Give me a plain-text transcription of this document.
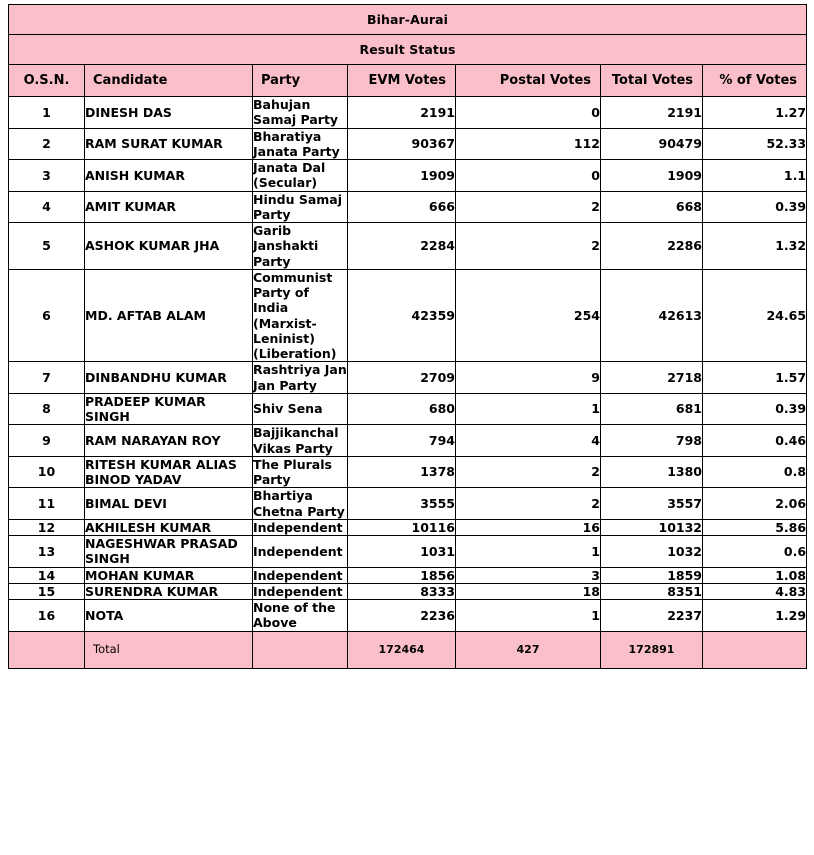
Bihar-Aurai						
Result Status						
O.S.N.	Candidate	Party	EVM Votes	Postal Votes	Total Votes	% of Votes
1	DINESH DAS	Bahujan Samaj Party	2191	0	2191	1.27
2	RAM SURAT KUMAR	Bharatiya Janata Party	90367	112	90479	52.33
3	ANISH KUMAR	Janata Dal (Secular)	1909	0	1909	1.1
4	AMIT KUMAR	Hindu Samaj Party	666	2	668	0.39
5	ASHOK KUMAR JHA	Garib Janshakti Party	2284	2	2286	1.32
6	MD. AFTAB ALAM	Communist Party of India (Marxist-Leninist) (Liberation)	42359	254	42613	24.65
7	DINBANDHU KUMAR	Rashtriya Jan Jan Party	2709	9	2718	1.57
8	PRADEEP KUMAR SINGH	Shiv Sena	680	1	681	0.39
9	RAM NARAYAN ROY	Bajjikanchal Vikas Party	794	4	798	0.46
10	RITESH KUMAR ALIAS BINOD YADAV	The Plurals Party	1378	2	1380	0.8
11	BIMAL DEVI	Bhartiya Chetna Party	3555	2	3557	2.06
12	AKHILESH KUMAR	Independent	10116	16	10132	5.86
13	NAGESHWAR PRASAD SINGH	Independent	1031	1	1032	0.6
14	MOHAN KUMAR	Independent	1856	3	1859	1.08
15	SURENDRA KUMAR	Independent	8333	18	8351	4.83
16	NOTA	None of the Above	2236	1	2237	1.29
	Total		172464	427	172891	
